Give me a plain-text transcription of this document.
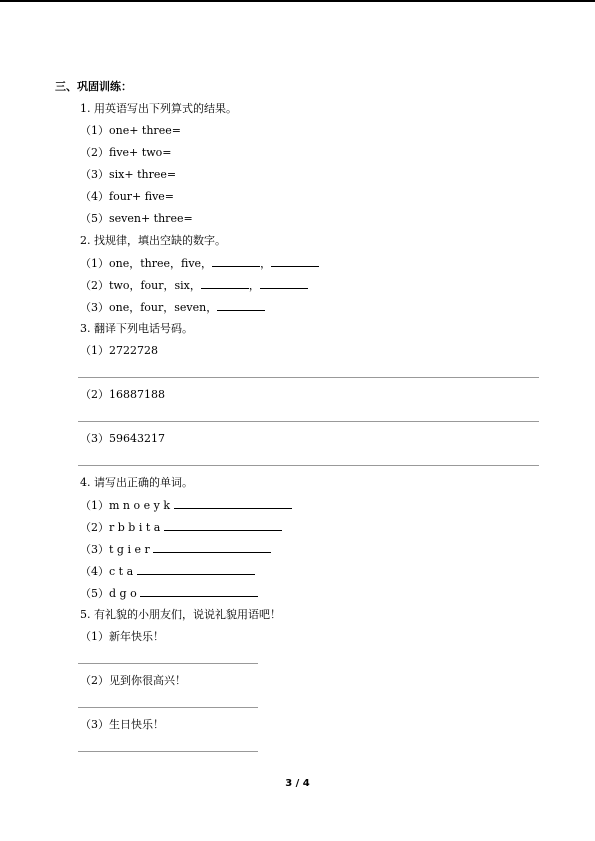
三、巩固训练：
1. 用英语写出下列算式的结果。
（1）one+ three=
（2）five+ two=
（3）six+ three=
（4）four+ five=
（5）seven+ three=
2. 找规律，填出空缺的数字。
（1）one，three，five，	，
（2）two，four，six，	，
（3）one，four，seven，
3. 翻译下列电话号码。
（1）2722728
（2）16887188
（3）59643217
4. 请写出正确的单词。
（1）m n o e y k
（2）r b b i t a
（3）t g i e r
（4）c t a
（5）d g o
5. 有礼貌的小朋友们，说说礼貌用语吧！
（1）新年快乐！
（2）见到你很高兴！
（3）生日快乐！
3 / 4
